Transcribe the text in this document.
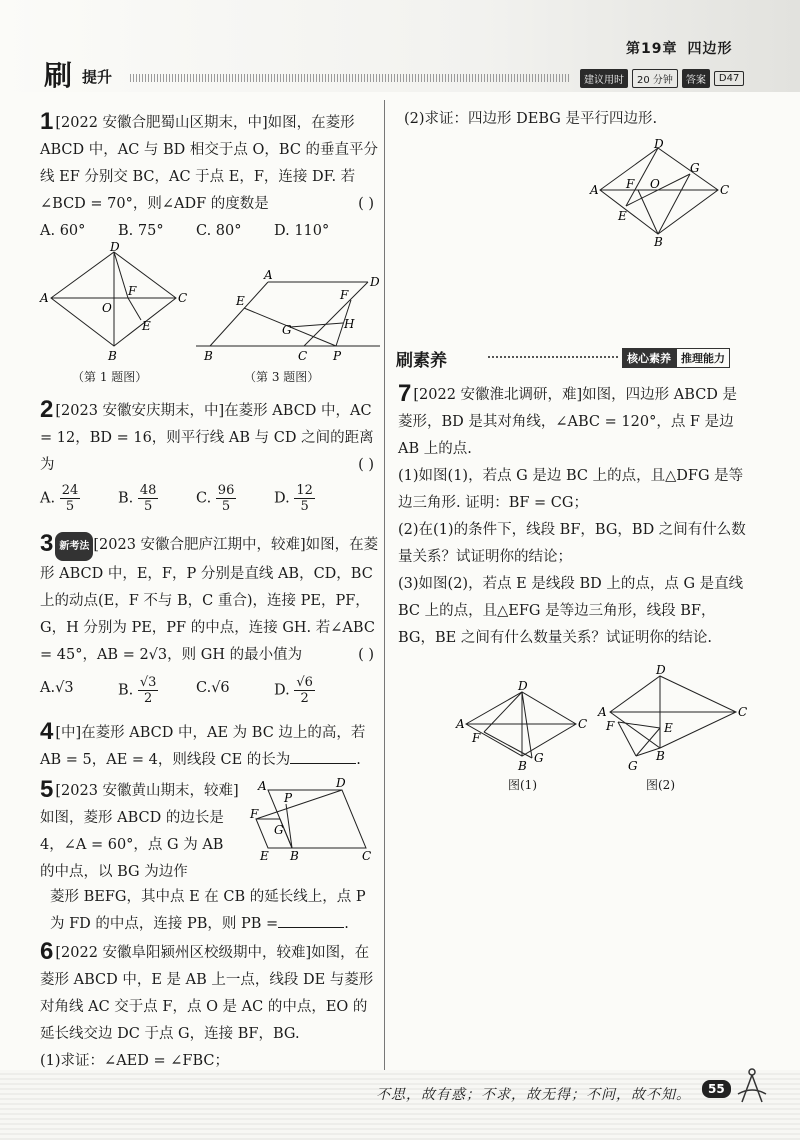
第19章 四边形
刷 提升	建议用时	20 分钟	答案	D47
1 [2022 安徽合肥蜀山区期末，中]如图，在菱形 ABCD 中，AC 与 BD 相交于点 O，BC 的垂直平分线 EF 分别交 BC，AC 于点 E，F，连接 DF. 若∠BCD = 70°，则∠ADF 的度数是	( )
A. 60°	B. 75°	C. 80°	D. 110°
A
B
C
D
O
F
E
（第 1 题图）
A	D
E	F
G	H
B	C P
（第 3 题图）
2 [2023 安徽安庆期末，中]在菱形 ABCD 中，AC = 12，BD = 16，则平行线 AB 与 CD 之间的距离为	( )
A. $\frac{24}{5}$	B. $\frac{48}{5}$	C. $\frac{96}{5}$	D. $\frac{12}{5}$
3 新考法 [2023 安徽合肥庐江期中，较难]如图，在菱形 ABCD 中，E，F，P 分别是直线 AB，CD，BC 上的动点(E，F 不与 B，C 重合)，连接 PE，PF，G，H 分别为 PE，PF 的中点，连接 GH. 若∠ABC = 45°，AB = 2√3，则 GH 的最小值为	( )
A.√3	B. $\frac{√3}{2}$	C.√6	D. $\frac{√6}{2}$
4 [中]在菱形 ABCD 中，AE 为 BC 边上的高，若 AB = 5，AE = 4，则线段 CE 的长为	.
5 [2023 安徽黄山期末，较难]如图，菱形 ABCD 的边长是 4，∠A = 60°，点 G 为 AB 的中点，以 BG 为边作
A
P
D
F
G
E B	C
菱形 BEFG，其中点 E 在 CB 的延长线上，点 P 为 FD 的中点，连接 PB，则 PB =	.
6 [2022 安徽阜阳颍州区校级期中，较难]如图，在菱形 ABCD 中，E 是 AB 上一点，线段 DE 与菱形对角线 AC 交于点 F，点 O 是 AC 的中点，EO 的延长线交边 DC 于点 G，连接 BF，BG.
(1)求证：∠AED = ∠FBC；
(2)求证：四边形 DEBG 是平行四边形.
D
G
A F O	C
E
B
刷素养	核心素养 推理能力
7 [2022 安徽淮北调研，难]如图，四边形 ABCD 是菱形，BD 是其对角线，∠ABC = 120°，点 F 是边 AB 上的点.
(1)如图(1)，若点 G 是边 BC 上的点，且△DFG 是等边三角形. 证明：BF = CG；
(2)在(1)的条件下，线段 BF，BG，BD 之间有什么数量关系？试证明你的结论；
(3)如图(2)，若点 E 是线段 BD 上的点，点 G 是直线 BC 上的点，且△EFG 是等边三角形，线段 BF，BG，BE 之间有什么数量关系？试证明你的结论.
D
A	C
F
B
G
图(1)
D
A
F	E
C
B
G
图(2)
不思，故有惑；不求，故无得；不问，故不知。	55
